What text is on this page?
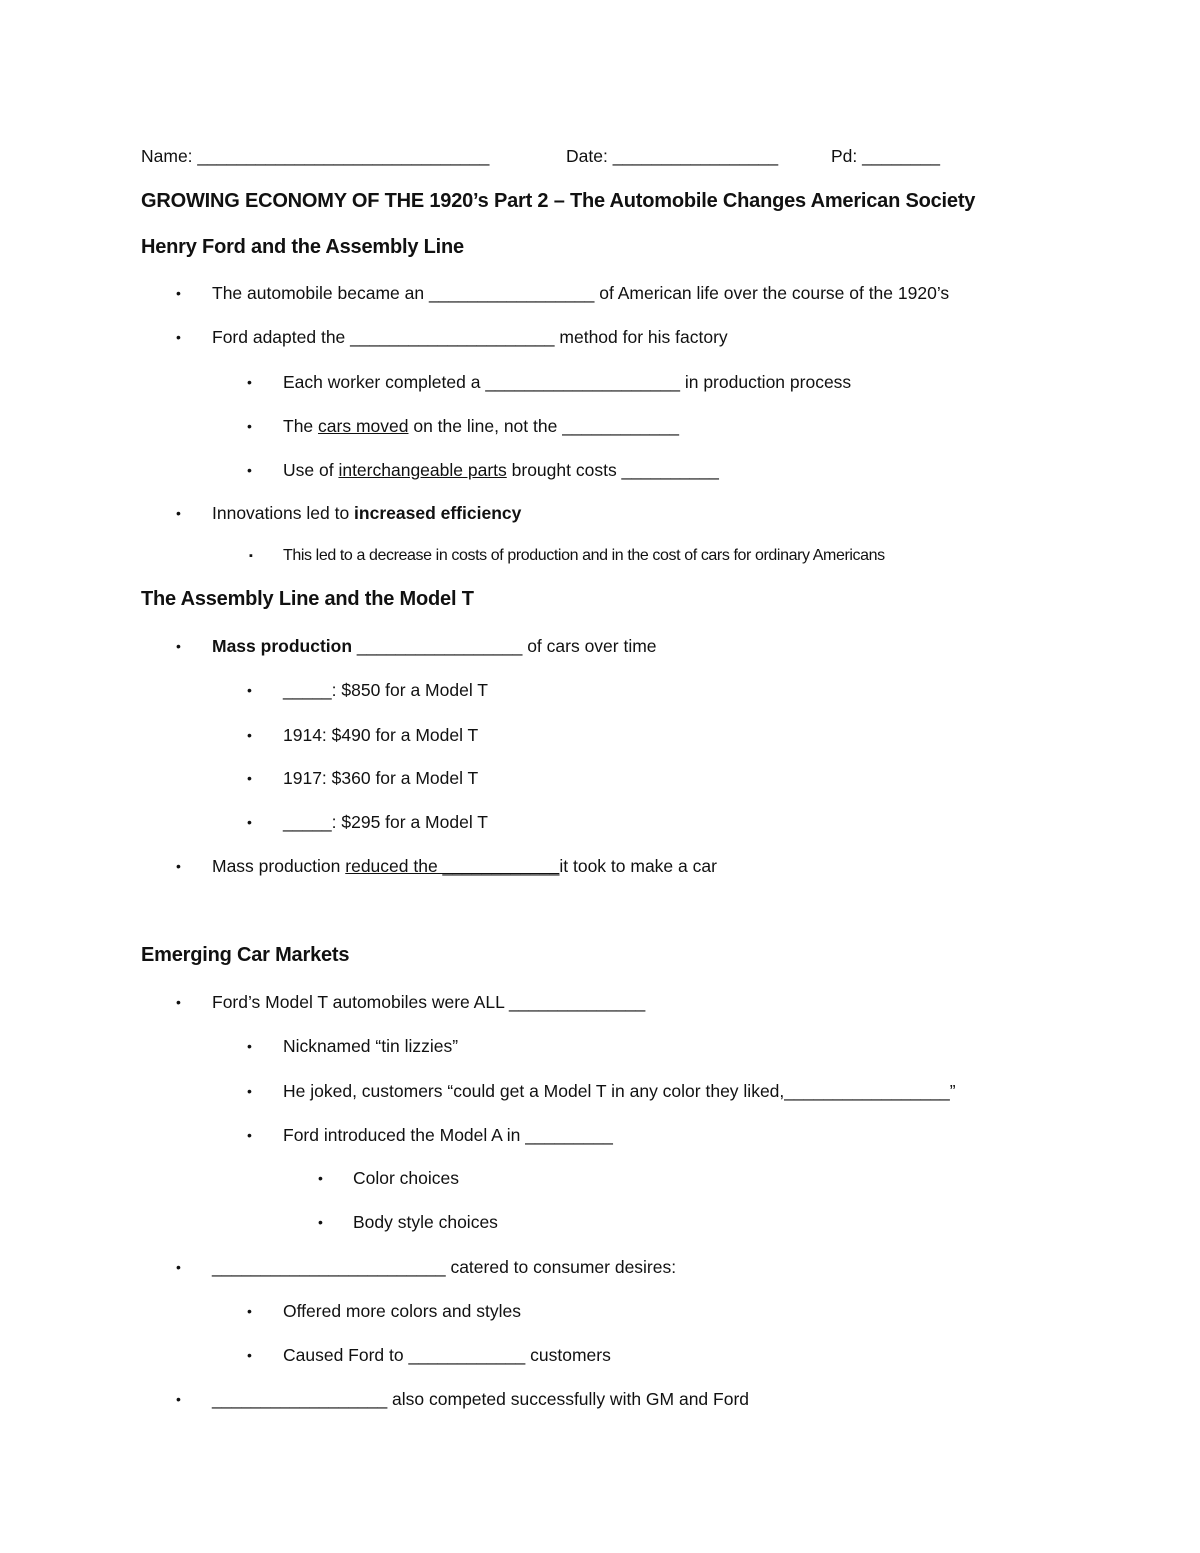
Name: ______________________________	Date: _________________	Pd: ________
GROWING ECONOMY OF THE 1920’s Part 2 – The Automobile Changes American Society
Henry Ford and the Assembly Line
• The automobile became an _________________ of American life over the course of the 1920’s
• Ford adapted the _____________________ method for his factory
• Each worker completed a ____________________ in production process
• The cars moved on the line, not the ____________
• Use of interchangeable parts brought costs __________
• Innovations led to increased efficiency
▪ This led to a decrease in costs of production and in the cost of cars for ordinary Americans
The Assembly Line and the Model T
• Mass production _________________ of cars over time
• _____: $850 for a Model T
• 1914: $490 for a Model T
• 1917: $360 for a Model T
• _____: $295 for a Model T
• Mass production reduced the ____________it took to make a car
Emerging Car Markets
• Ford’s Model T automobiles were ALL ______________
• Nicknamed “tin lizzies”
• He joked, customers “could get a Model T in any color they liked,_________________”
• Ford introduced the Model A in _________
• Color choices
• Body style choices
• ________________________ catered to consumer desires:
• Offered more colors and styles
• Caused Ford to ____________ customers
• __________________ also competed successfully with GM and Ford
